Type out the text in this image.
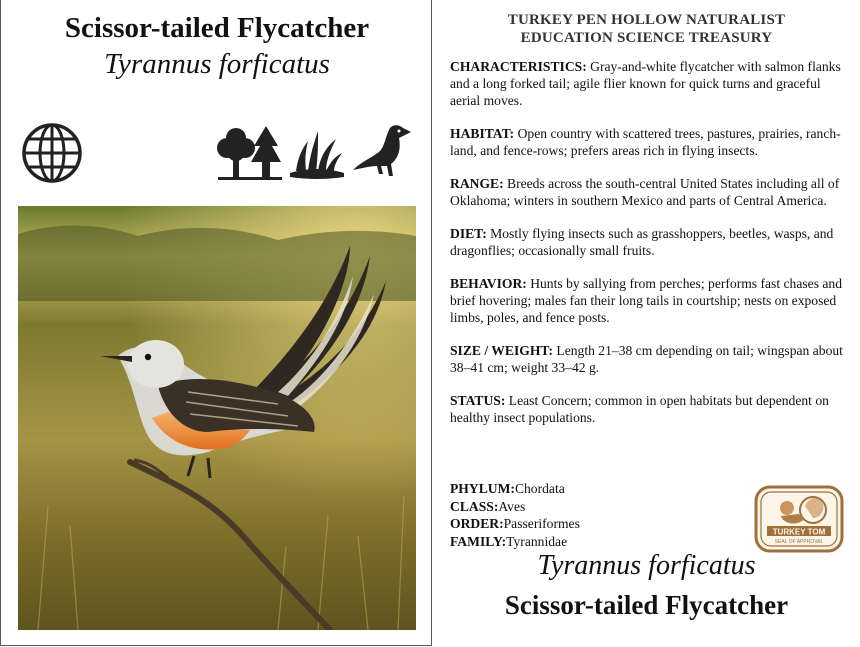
Scissor-tailed Flycatcher
Tyrannus forficatus
TURKEY PEN HOLLOW NATURALIST
EDUCATION SCIENCE TREASURY

CHARACTERISTICS: Gray-and-white flycatcher with salmon flanks and a long forked tail; agile flier known for quick turns and graceful aerial moves.

HABITAT: Open country with scattered trees, pastures, prairies, ranch-land, and fence-rows; prefers areas rich in flying insects.

RANGE: Breeds across the south-central United States including all of Oklahoma; winters in southern Mexico and parts of Central America.

DIET: Mostly flying insects such as grasshoppers, beetles, wasps, and dragonflies; occasionally small fruits.

BEHAVIOR: Hunts by sallying from perches; performs fast chases and brief hovering; males fan their long tails in courtship; nests on exposed limbs, poles, and fence posts.

SIZE / WEIGHT: Length 21–38 cm depending on tail; wingspan about 38–41 cm; weight 33–42 g.

STATUS: Least Concern; common in open habitats but dependent on healthy insect populations.

PHYLUM:Chordata
CLASS:Aves
ORDER:Passeriformes
FAMILY:Tyrannidae
TURKEY TOM
SEAL OF APPROVAL
Tyrannus forficatus
Scissor-tailed Flycatcher
